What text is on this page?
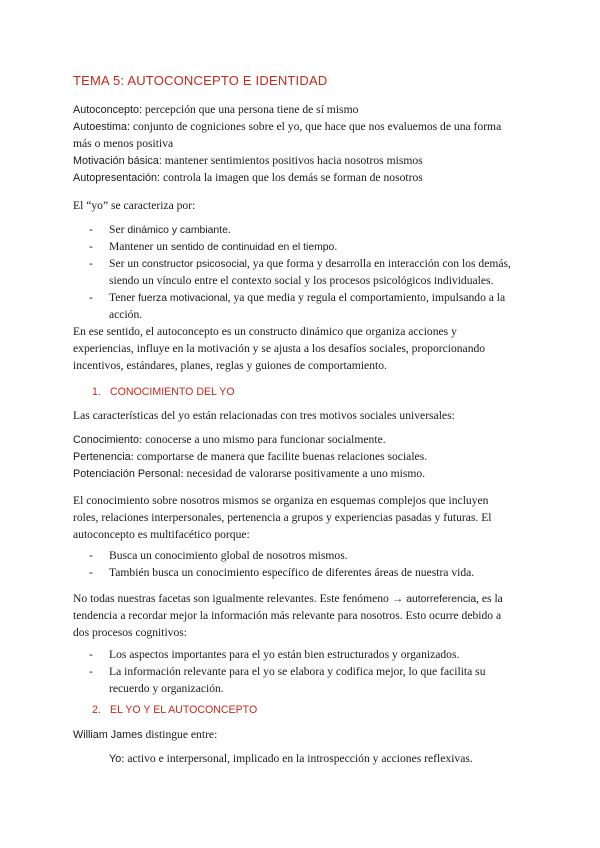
TEMA 5: AUTOCONCEPTO E IDENTIDAD
Autoconcepto: percepción que una persona tiene de sí mismo
Autoestima: conjunto de cogniciones sobre el yo, que hace que nos evaluemos de una forma
más o menos positiva
Motivación básica: mantener sentimientos positivos hacia nosotros mismos
Autopresentación: controla la imagen que los demás se forman de nosotros
El “yo” se caracteriza por:
- Ser dinámico y cambiante.
- Mantener un sentido de continuidad en el tiempo.
- Ser un constructor psicosocial, ya que forma y desarrolla en interacción con los demás,
siendo un vínculo entre el contexto social y los procesos psicológicos individuales.
- Tener fuerza motivacional, ya que media y regula el comportamiento, impulsando a la
acción.
En ese sentido, el autoconcepto es un constructo dinámico que organiza acciones y
experiencias, influye en la motivación y se ajusta a los desafíos sociales, proporcionando
incentivos, estándares, planes, reglas y guiones de comportamiento.
1. CONOCIMIENTO DEL YO
Las características del yo están relacionadas con tres motivos sociales universales:
Conocimiento: conocerse a uno mismo para funcionar socialmente.
Pertenencia: comportarse de manera que facilite buenas relaciones sociales.
Potenciación Personal: necesidad de valorarse positivamente a uno mismo.
El conocimiento sobre nosotros mismos se organiza en esquemas complejos que incluyen
roles, relaciones interpersonales, pertenencia a grupos y experiencias pasadas y futuras. El
autoconcepto es multifacético porque:
- Busca un conocimiento global de nosotros mismos.
- También busca un conocimiento específico de diferentes áreas de nuestra vida.
No todas nuestras facetas son igualmente relevantes. Este fenómeno → autorreferencia, es la
tendencia a recordar mejor la información más relevante para nosotros. Esto ocurre debido a
dos procesos cognitivos:
- Los aspectos importantes para el yo están bien estructurados y organizados.
- La información relevante para el yo se elabora y codifica mejor, lo que facilita su
recuerdo y organización.
2. EL YO Y EL AUTOCONCEPTO
William James distingue entre:
Yo: activo e interpersonal, implicado en la introspección y acciones reflexivas.
